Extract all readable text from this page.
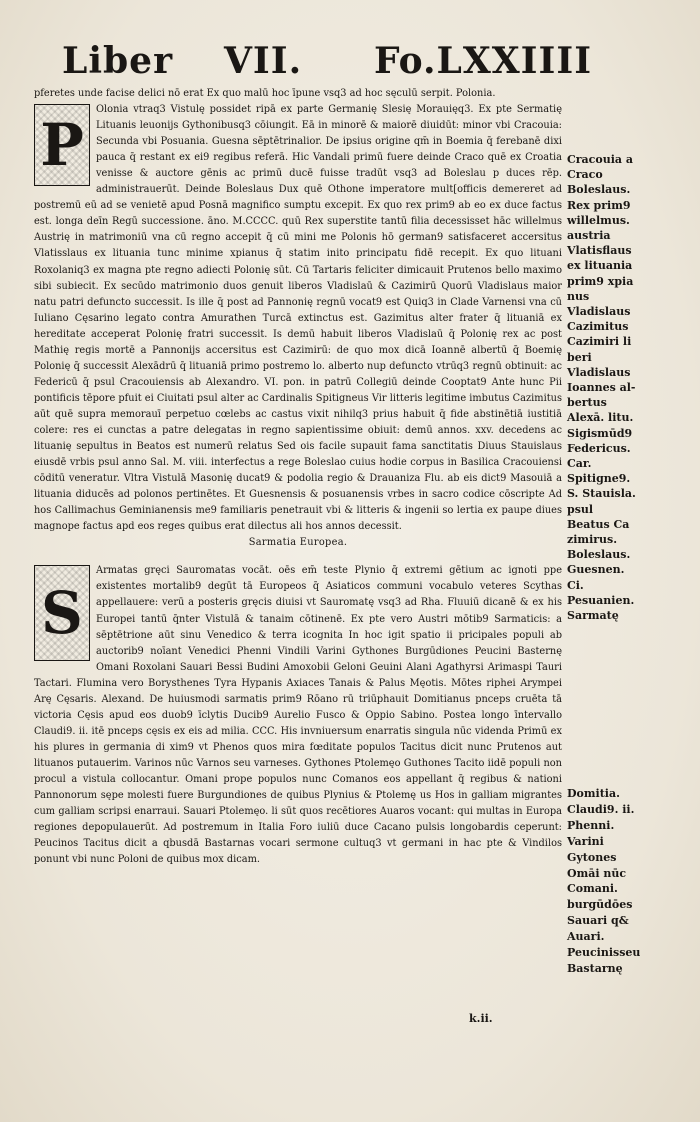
Liber VII. Fo.LXXIIII
pferetes unde facise delici nō erat Ex quo malū hoc īpune vsq3 ad hoc sęculū serpit. Polonia.
P

Olonia vtraq3 Vistulę possidet ripā ex parte Germanię Slesię Morauięq3. Ex pte Sermatię Lituanis leuonijs Gythonibusq3 cōiungit. Eā in minorē & maiorē diuidūt: minor vbi Cracouia: Secunda vbi Posuania. Guesna sēptētrinalior. De ipsius origine qm̄ in Boemia q̄ ferebanē dixi pauca q̄ restant ex ei9 regibus referā. Hic Vandali primū fuere deinde Craco quē ex Croatia venisse & auctore gēnis ac primū ducē fuisse tradūt vsq3 ad Boleslau p duces rēp. administrauerūt. Deinde Boleslaus Dux quē Othone imperatore mult[officis demereret ad postremū eū ad se venietē apud Posnā magnifico sumptu excepit. Ex quo rex prim9 ab eo ex duce factus est. longa deīn Regū successione. āno. M.CCCC. quū Rex superstite tantū filia decessisset hāc willelmus Austrię in matrimoniū vna cū regno accepit q̄ cū mini me Polonis hō german9 satisfaceret accersitus Vlatisslaus ex lituania tunc minime xpianus q̄ statim inito principatu fidē recepit. Ex quo lituani Roxolaniq3 ex magna pte regno adiecti Polonię sūt. Cū Tartaris feliciter dimicauit Prutenos bello maximo sibi subiecit. Ex secūdo matrimonio duos genuit liberos Vladislaū & Cazimirū Quorū Vladislaus maior natu patri defuncto successit. Is ille q̄ post ad Pannonię regnū vocat9 est Quiq3 in Clade Varnensi vna cū Iuliano Cęsarino legato contra Amurathen Turcā extinctus est. Gazimitus alter frater q̄ lituaniā ex hereditate acceperat Polonię fratri successit. Is demū habuit liberos Vladislaū q̄ Polonię rex ac post Mathię regis mortē a Pannonijs accersitus est Cazimirū: de quo mox dicā Ioannē albertū q̄ Boemię Polonię q̄ successit Alexādrū q̄ lituaniā primo postremo lo. alberto nup defuncto vtrūq3 regnū obtinuit: ac Federicū q̄ psul Cracouiensis ab Alexandro. VI. pon. in patrū Collegiū deinde Cooptat9 Ante hunc Pii pontificis tēpore pfuit ei Ciuitati psul alter ac Cardinalis Spitigneus Vir litteris legitime imbutus Cazimitus aūt quē supra memorauī perpetuo cœlebs ac castus vixit nihilq3 prius habuit q̄ fide abstinētiā iustitiā colere: res ei cunctas a patre delegatas in regno sapientissime obiuit: demū annos. xxv. decedens ac lituanię sepultus in Beatos est numerū relatus Sed ois facile supauit fama sanctitatis Diuus Stauislaus eiusdē vrbis psul anno Sal. M. viii. interfectus a rege Boleslao cuius hodie corpus in Basilica Cracouiensi cōditū veneratur. Vltra Vistulā Masonię ducat9 & podolia regio & Drauaniza Flu. ab eis dict9 Masouiā a lituania diducēs ad polonos pertinētes. Et Guesnensis & posuanensis vrbes in sacro codice cōscripte Ad hos Callimachus Geminianensis me9 familiaris penetrauit vbi & litteris & ingenii so lertia ex paupe diues magnope factus apd eos reges quibus erat dilectus ali hos annos decessit.

Sarmatia Europea.

S

Armatas gręci Sauromatas vocāt. oēs em̄ teste Plynio q̄ extremi gētium ac ignoti ppe existentes mortalib9 degūt tā Europeos q̄ Asiaticos communi vocabulo veteres Scythas appellauere: verū a posteris gręcis diuisi vt Sauromatę vsq3 ad Rha. Fluuiū dicanē & ex his Europei tantū q̄nter Vistulā & tanaim cōtinenē. Ex pte vero Austri mōtib9 Sarmaticis: a sēptētrione aūt sinu Venedico & terra icognita In hoc igit spatio ii pricipales populi ab auctorib9 noīant Venedici Phenni Vindili Varini Gythones Burgūdiones Peucini Basternę Omani Roxolani Sauari Bessi Budini Amoxobii Geloni Geuini Alani Agathyrsi Arimaspi Tauri Tactari. Flumina vero Borysthenes Tyra Hypanis Axiaces Tanais & Palus Męotis. Mōtes riphei Arympei Arę Cęsaris. Alexand. De huiusmodi sarmatis prim9 Rōano rū triūphauit Domitianus pnceps cruēta tā victoria Cęsis apud eos duob9 īclytis Ducib9 Aurelio Fusco & Oppio Sabino. Postea longo īntervallo Claudi9. ii. itē pnceps cęsis ex eis ad milia. CCC. His invniuersum enarratis singula nūc videnda Primū ex his plures in germania di xim9 vt Phenos quos mira fœditate populos Tacitus dicit nunc Prutenos aut lituanos putauerim. Varinos nūc Varnos seu varneses. Gythones Ptolemęo Guthones Tacito iidē populi non procul a vistula collocantur. Omani prope populos nunc Comanos eos appellant q̄ regibus & nationi Pannonorum sępe molesti fuere Burgundiones de quibus Plynius & Ptolemę us Hos in galliam migrantes cum galliam scripsi enarraui. Sauari Ptolemęo. li sūt quos recētiores Auaros vocant: qui multas in Europa regiones depopulauerūt. Ad postremum in Italia Foro iuliū duce Cacano pulsis longobardis ceperunt: Peucinos Tacitus dicit a qbusdā Bastarnas vocari sermone cultuq3 vt germani in hac pte & Vindilos ponunt vbi nunc Poloni de quibus mox dicam.

Cracouia a
Craco
Boleslaus.
Rex prim9
willelmus.
austria
Vlatisflaus
ex lituania
prim9 xpia
nus
Vladislaus
Cazimitus
Cazimiri li
beri
Vladislaus
Ioannes al-
bertus
Alexā. litu.
Sigismūd9
Federicus.
Car.
Spitigne9.
S. Stauisla.
psul
Beatus Ca
zimirus.
Boleslaus.
Guesnen.
Ci.
Pesuanien.
Sarmatę
Domitia.
Claudi9. ii.
Phenni.
Varini
Gytones
Omāi nūc
Comani.
burgūdōes
Sauari q&
Auari.
Peucinisseu
Bastarnę
k.ii.
